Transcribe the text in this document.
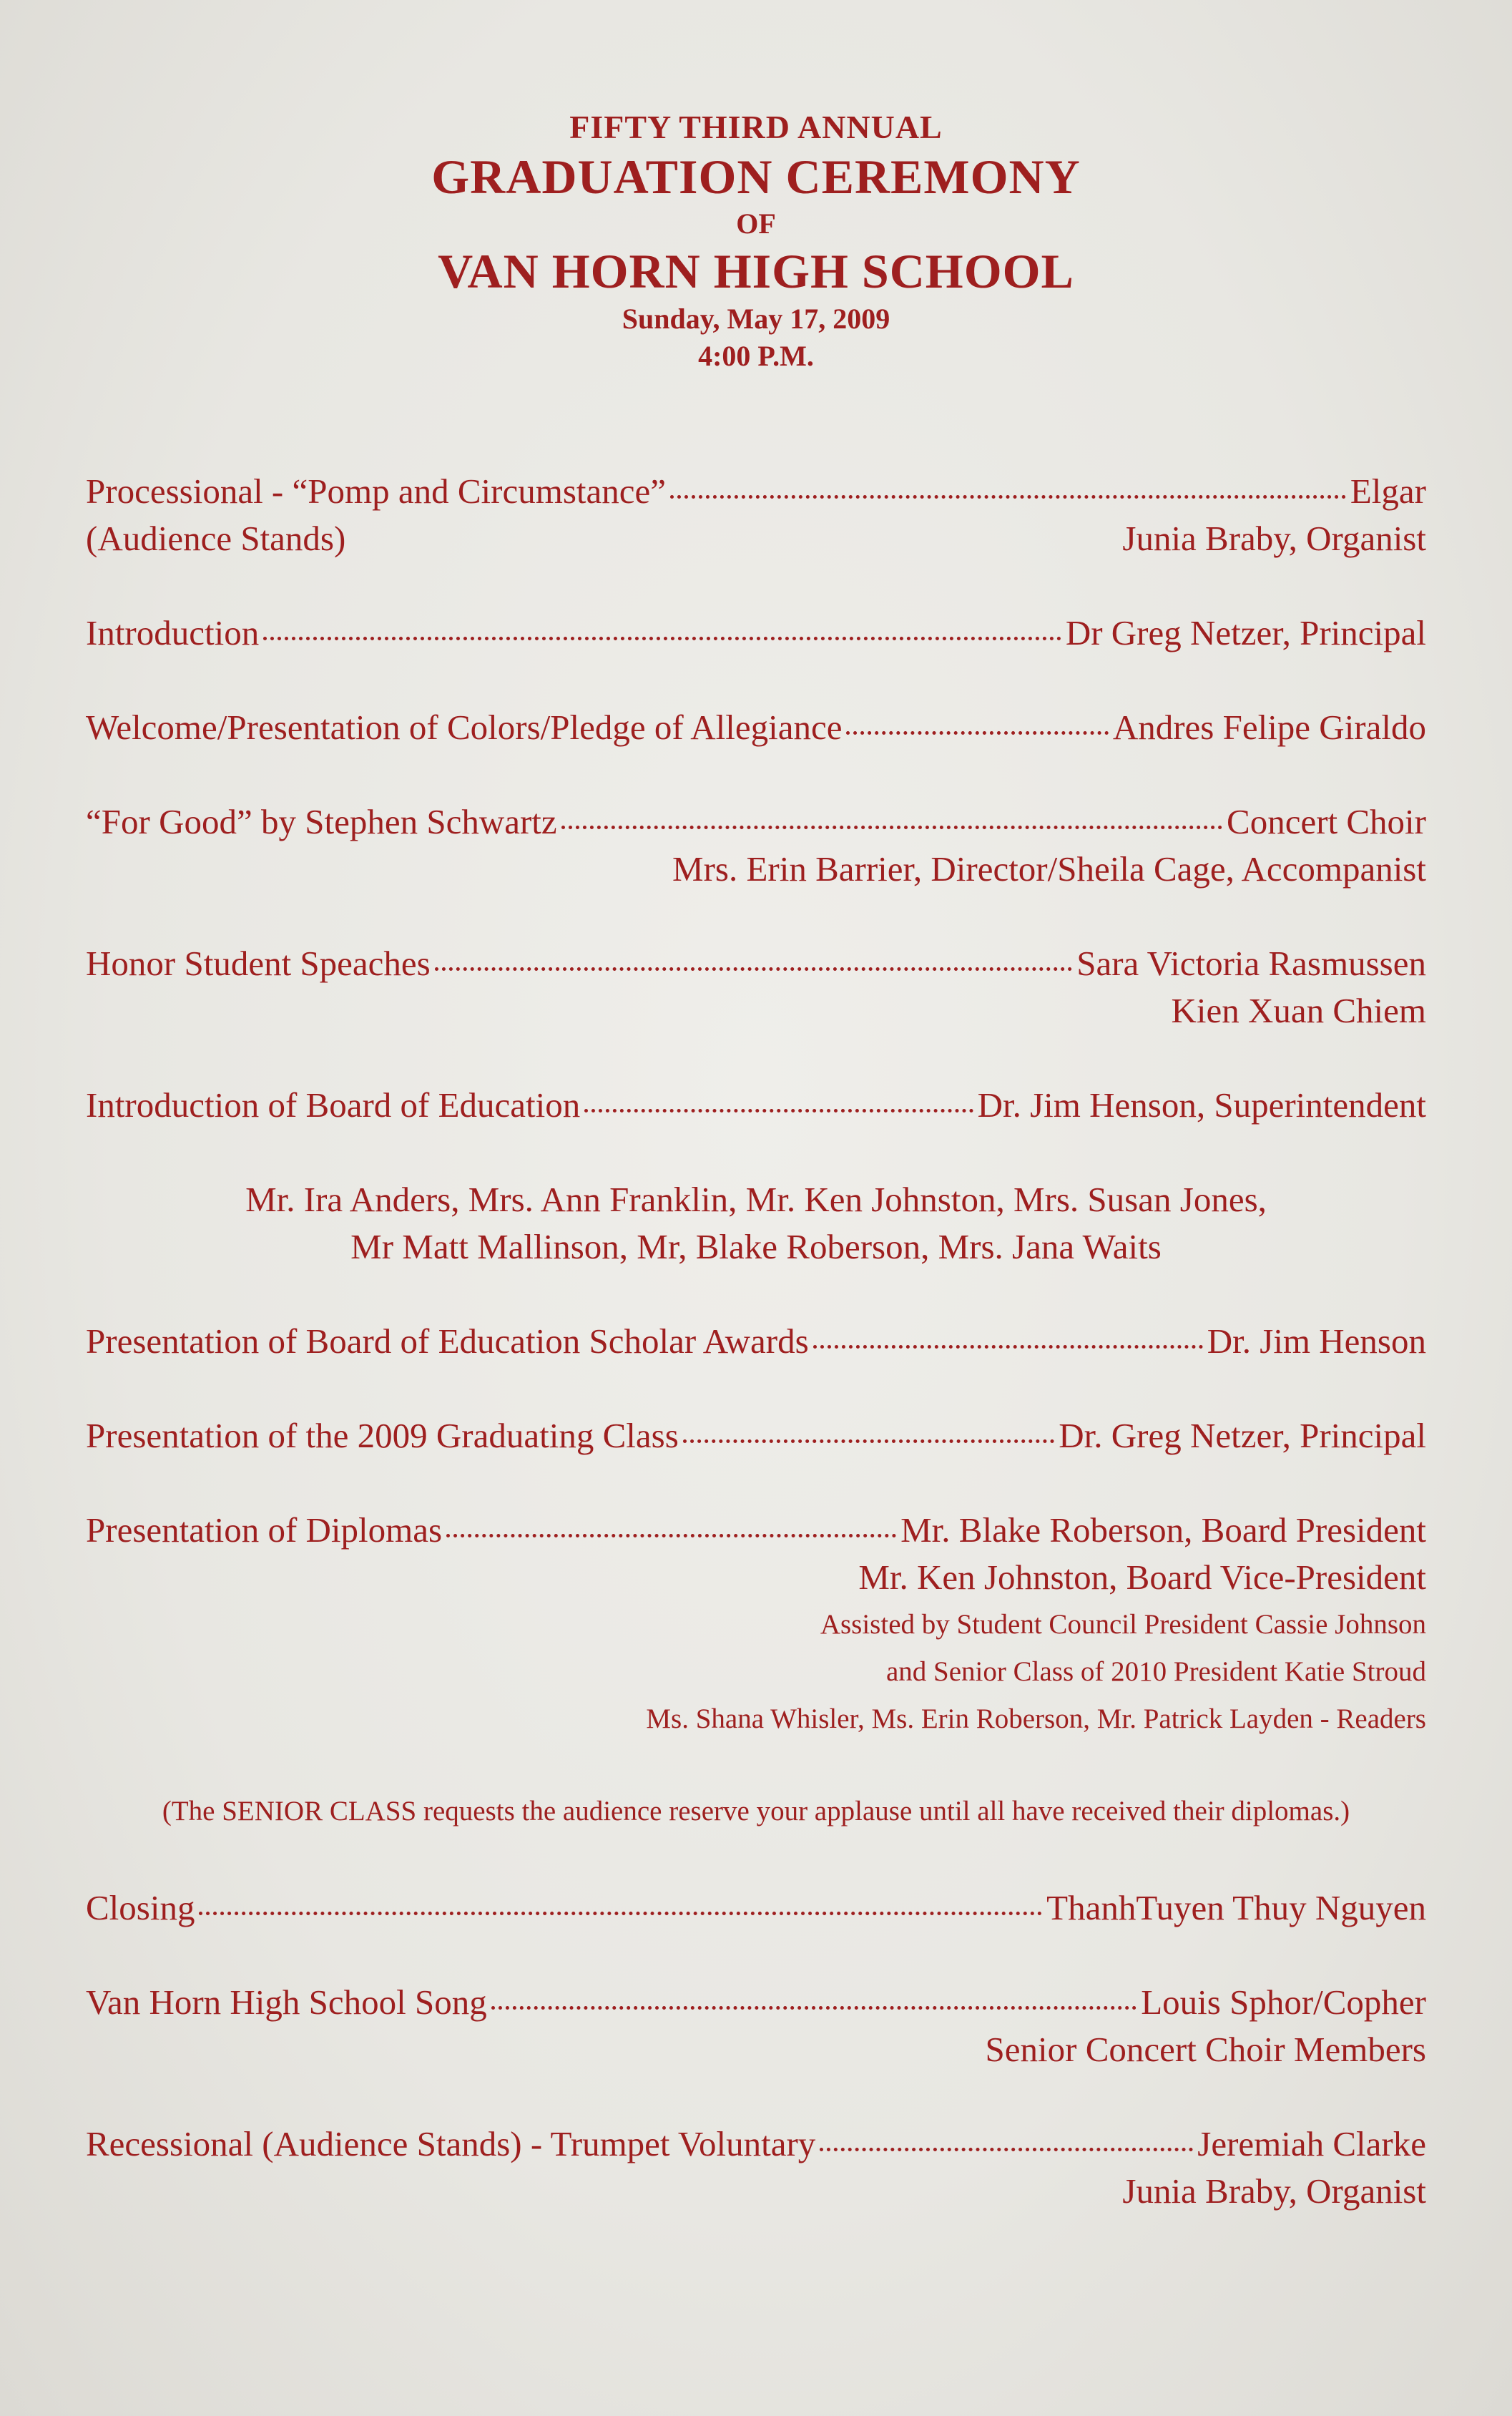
FIFTY THIRD ANNUAL
GRADUATION CEREMONY
OF
VAN HORN HIGH SCHOOL
Sunday, May 17, 2009
4:00 P.M.
Processional - “Pomp and Circumstance”	Elgar
(Audience Stands)	Junia Braby, Organist
Introduction	Dr Greg Netzer, Principal
Welcome/Presentation of Colors/Pledge of Allegiance	Andres Felipe Giraldo
“For Good” by Stephen Schwartz	Concert Choir
Mrs. Erin Barrier, Director/Sheila Cage, Accompanist
Honor Student Speaches	Sara Victoria Rasmussen
Kien Xuan Chiem
Introduction of Board of Education	Dr. Jim Henson, Superintendent
Mr. Ira Anders, Mrs. Ann Franklin, Mr. Ken Johnston, Mrs. Susan Jones,
Mr Matt Mallinson, Mr, Blake Roberson, Mrs. Jana Waits
Presentation of Board of Education Scholar Awards	Dr. Jim Henson
Presentation of the 2009 Graduating Class	Dr. Greg Netzer, Principal
Presentation of Diplomas	Mr. Blake Roberson, Board President
Mr. Ken Johnston, Board Vice-President
Assisted by Student Council President Cassie Johnson
and Senior Class of 2010 President Katie Stroud
Ms. Shana Whisler, Ms. Erin Roberson, Mr. Patrick Layden - Readers
(The SENIOR CLASS requests the audience reserve your applause until all have received their diplomas.)
Closing	ThanhTuyen Thuy Nguyen
Van Horn High School Song	Louis Sphor/Copher
Senior Concert Choir Members
Recessional (Audience Stands) - Trumpet Voluntary	Jeremiah Clarke
Junia Braby, Organist
